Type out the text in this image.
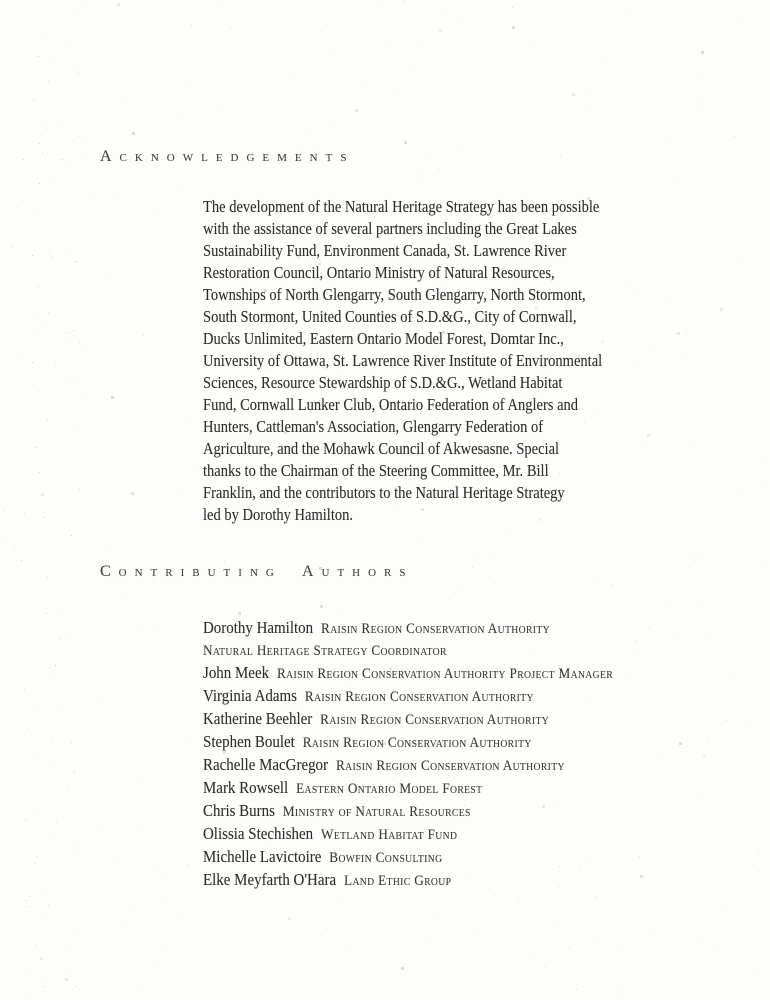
Acknowledgements
The development of the Natural Heritage Strategy has been possible
with the assistance of several partners including the Great Lakes
Sustainability Fund, Environment Canada, St. Lawrence River
Restoration Council, Ontario Ministry of Natural Resources,
Townships of North Glengarry, South Glengarry, North Stormont,
South Stormont, United Counties of S.D.&G., City of Cornwall,
Ducks Unlimited, Eastern Ontario Model Forest, Domtar Inc.,
University of Ottawa, St. Lawrence River Institute of Environmental
Sciences, Resource Stewardship of S.D.&G., Wetland Habitat
Fund, Cornwall Lunker Club, Ontario Federation of Anglers and
Hunters, Cattleman's Association, Glengarry Federation of
Agriculture, and the Mohawk Council of Akwesasne. Special
thanks to the Chairman of the Steering Committee, Mr. Bill
Franklin, and the contributors to the Natural Heritage Strategy
led by Dorothy Hamilton.
Contributing Authors
Dorothy Hamilton Raisin Region Conservation Authority
Natural Heritage Strategy Coordinator
John Meek Raisin Region Conservation Authority Project Manager
Virginia Adams Raisin Region Conservation Authority
Katherine Beehler Raisin Region Conservation Authority
Stephen Boulet Raisin Region Conservation Authority
Rachelle MacGregor Raisin Region Conservation Authority
Mark Rowsell Eastern Ontario Model Forest
Chris Burns Ministry of Natural Resources
Olissia Stechishen Wetland Habitat Fund
Michelle Lavictoire Bowfin Consulting
Elke Meyfarth O'Hara Land Ethic Group
